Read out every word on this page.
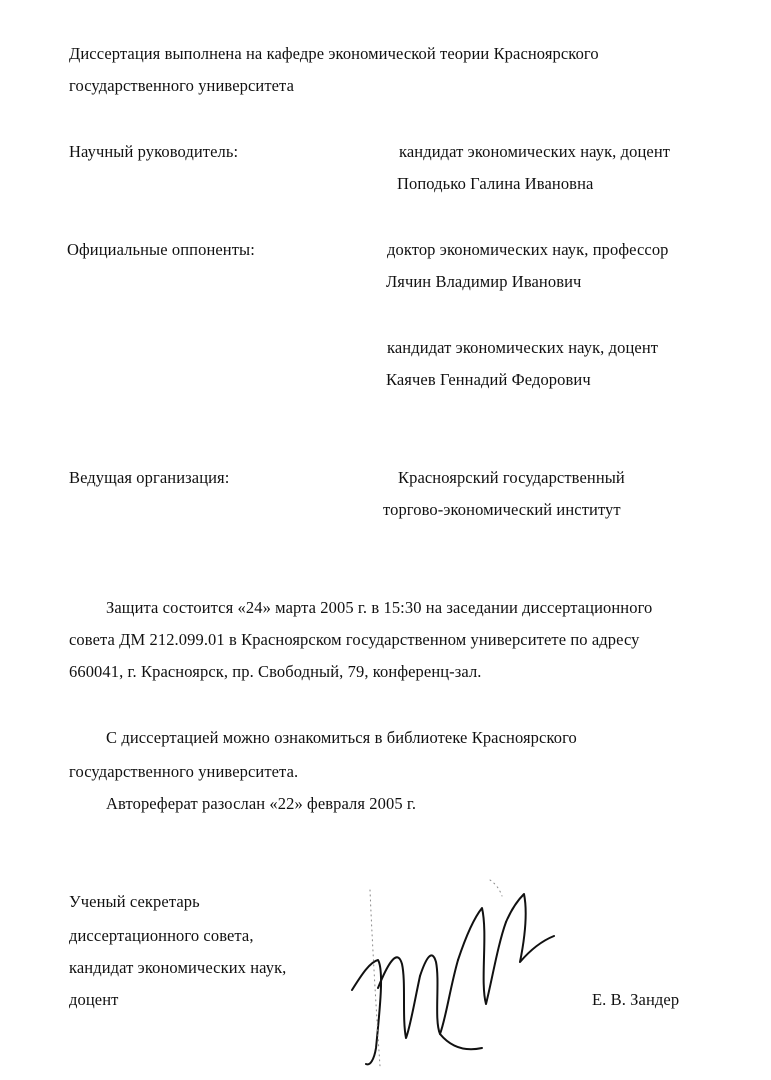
Диссертация выполнена на кафедре экономической теории Красноярского
государственного университета
Научный руководитель:	кандидат экономических наук, доцент
Поподько Галина Ивановна
Официальные оппоненты:	доктор экономических наук, профессор
Лячин Владимир Иванович
кандидат экономических наук, доцент
Каячев Геннадий Федорович
Ведущая организация:	Красноярский государственный
торгово-экономический институт
Защита состоится «24» марта 2005 г. в 15:30 на заседании диссертационного
совета ДМ 212.099.01 в Красноярском государственном университете по адресу
660041, г. Красноярск, пр. Свободный, 79, конференц-зал.
С диссертацией можно ознакомиться в библиотеке Красноярского
государственного университета.
Автореферат разослан «22» февраля 2005 г.
Ученый секретарь
диссертационного совета,
кандидат экономических наук,
доцент	Е. В. Зандер
